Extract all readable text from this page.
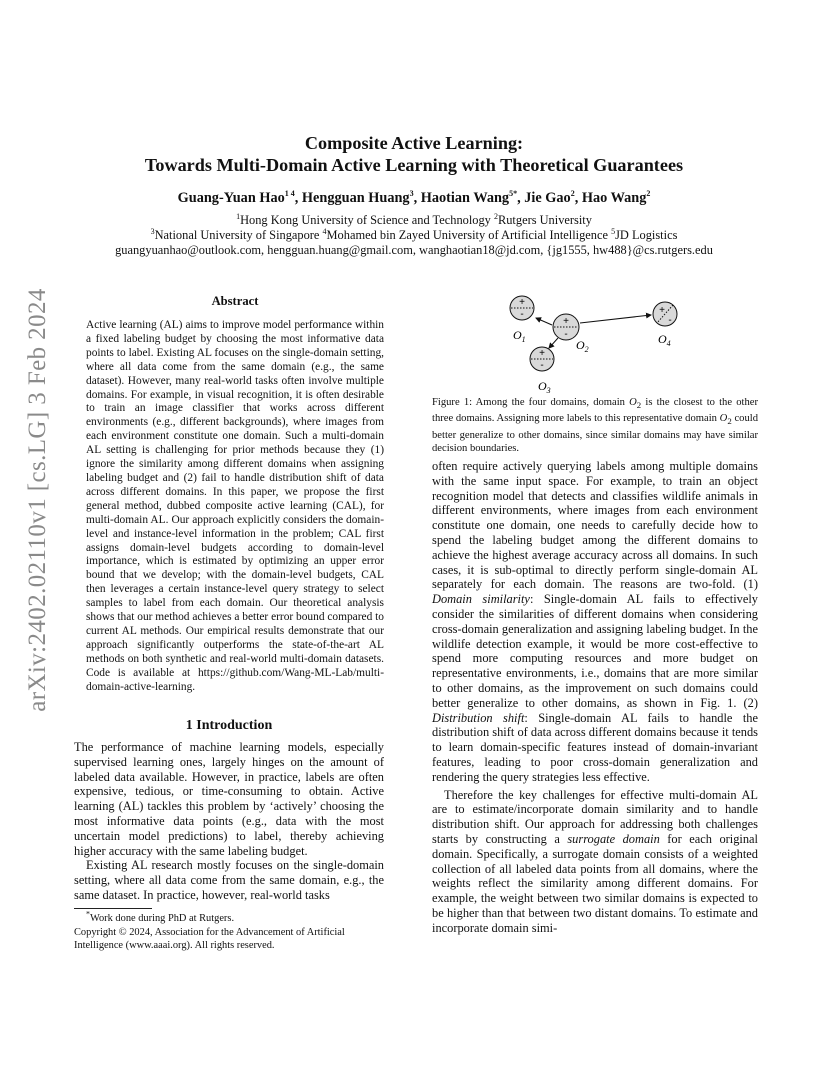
arXiv:2402.02110v1 [cs.LG] 3 Feb 2024
Composite Active Learning:
Towards Multi-Domain Active Learning with Theoretical Guarantees
Guang-Yuan Hao$^{1 4}$, Hengguan Huang$^3$, Haotian Wang$^{5*}$, Jie Gao$^2$, Hao Wang$^2$
$^1$Hong Kong University of Science and Technology $^2$Rutgers University
$^3$National University of Singapore $^4$Mohamed bin Zayed University of Artificial Intelligence $^5$JD Logistics
guangyuanhao@outlook.com, hengguan.huang@gmail.com, wanghaotian18@jd.com, {jg1555, hw488}@cs.rutgers.edu
Abstract

Active learning (AL) aims to improve model performance within a fixed labeling budget by choosing the most informative data points to label. Existing AL focuses on the single-domain setting, where all data come from the same domain (e.g., the same dataset). However, many real-world tasks often involve multiple domains. For example, in visual recognition, it is often desirable to train an image classifier that works across different environments (e.g., different backgrounds), where images from each environment constitute one domain. Such a multi-domain AL setting is challenging for prior methods because they (1) ignore the similarity among different domains when assigning labeling budget and (2) fail to handle distribution shift of data across different domains. In this paper, we propose the first general method, dubbed composite active learning (CAL), for multi-domain AL. Our approach explicitly considers the domain-level and instance-level information in the problem; CAL first assigns domain-level budgets according to domain-level importance, which is estimated by optimizing an upper error bound that we develop; with the domain-level budgets, CAL then leverages a certain instance-level query strategy to select samples to label from each domain. Our theoretical analysis shows that our method achieves a better error bound compared to current AL methods. Our empirical results demonstrate that our approach significantly outperforms the state-of-the-art AL methods on both synthetic and real-world multi-domain datasets. Code is available at https://github.com/Wang-ML-Lab/multi-domain-active-learning.

1 Introduction

The performance of machine learning models, especially supervised learning ones, largely hinges on the amount of labeled data available. However, in practice, labels are often expensive, tedious, or time-consuming to obtain. Active learning (AL) tackles this problem by ‘actively’ choosing the most informative data points (e.g., data with the most uncertain model predictions) to label, thereby achieving higher accuracy with the same labeling budget.

Existing AL research mostly focuses on the single-domain setting, where all data come from the same domain, e.g., the same dataset. In practice, however, real-world tasks

*Work done during PhD at Rutgers.

Copyright © 2024, Association for the Advancement of Artificial Intelligence (www.aaai.org). All rights reserved.

+
-
+
-
+
-
+
-
$O_1$	$O_2$
$O_3$
$O_4$

Figure 1: Among the four domains, domain $O_2$ is the closest to the other three domains. Assigning more labels to this representative domain $O_2$ could better generalize to other domains, since similar domains may have similar decision boundaries.

often require actively querying labels among multiple domains with the same input space. For example, to train an object recognition model that detects and classifies wildlife animals in different environments, where images from each environment constitute one domain, one needs to carefully decide how to spend the labeling budget among the different domains to achieve the highest average accuracy across all domains. In such cases, it is sub-optimal to directly perform single-domain AL separately for each domain. The reasons are two-fold. (1) Domain similarity: Single-domain AL fails to effectively consider the similarities of different domains when considering cross-domain generalization and assigning labeling budget. In the wildlife detection example, it would be more cost-effective to spend more computing resources and more budget on representative environments, i.e., domains that are more similar to other domains, as the improvement on such domains could better generalize to other domains, as shown in Fig. 1. (2) Distribution shift: Single-domain AL fails to handle the distribution shift of data across different domains because it tends to learn domain-specific features instead of domain-invariant features, leading to poor cross-domain generalization and rendering the query strategies less effective.

Therefore the key challenges for effective multi-domain AL are to estimate/incorporate domain similarity and to handle distribution shift. Our approach for addressing both challenges starts by constructing a surrogate domain for each original domain. Specifically, a surrogate domain consists of a weighted collection of all labeled data points from all domains, where the weights reflect the similarity among different domains. For example, the weight between two similar domains is expected to be higher than that between two distant domains. To estimate and incorporate domain simi-
